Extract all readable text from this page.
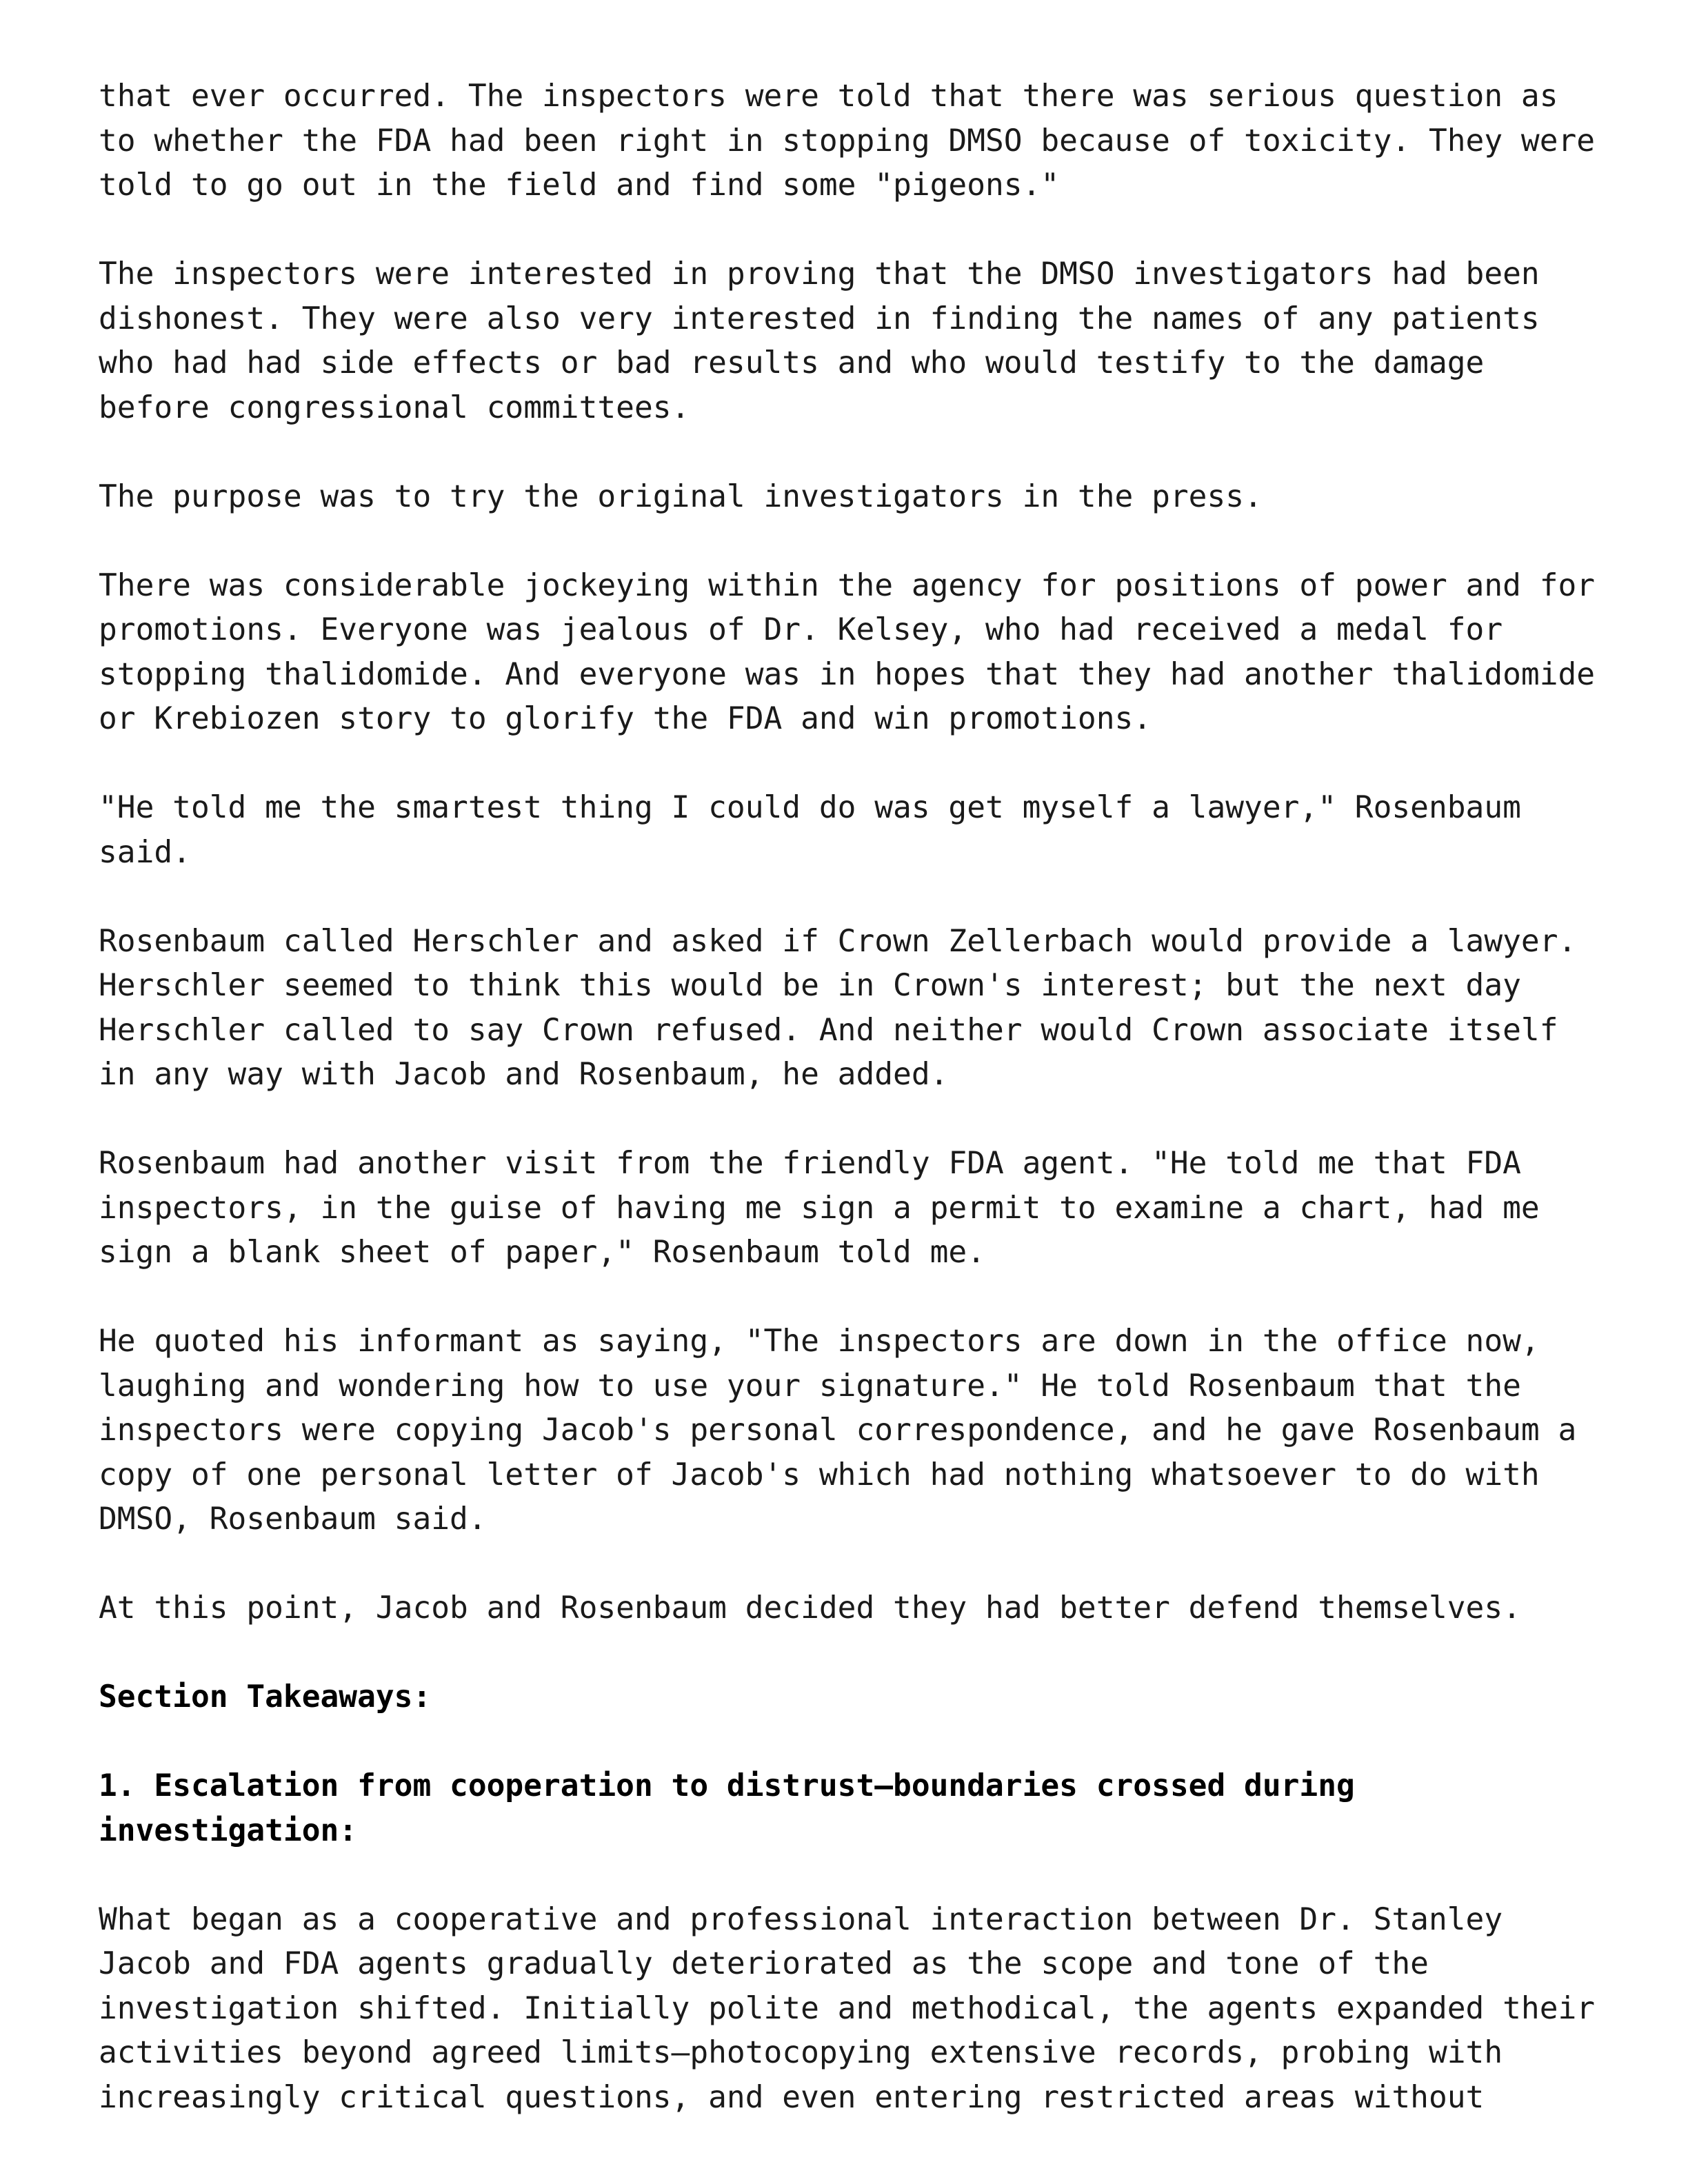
that ever occurred. The inspectors were told that there was serious question as
to whether the FDA had been right in stopping DMSO because of toxicity. They were
told to go out in the field and find some "pigeons."

The inspectors were interested in proving that the DMSO investigators had been
dishonest. They were also very interested in finding the names of any patients
who had had side effects or bad results and who would testify to the damage
before congressional committees.

The purpose was to try the original investigators in the press.

There was considerable jockeying within the agency for positions of power and for
promotions. Everyone was jealous of Dr. Kelsey, who had received a medal for
stopping thalidomide. And everyone was in hopes that they had another thalidomide
or Krebiozen story to glorify the FDA and win promotions.

"He told me the smartest thing I could do was get myself a lawyer," Rosenbaum
said.

Rosenbaum called Herschler and asked if Crown Zellerbach would provide a lawyer.
Herschler seemed to think this would be in Crown's interest; but the next day
Herschler called to say Crown refused. And neither would Crown associate itself
in any way with Jacob and Rosenbaum, he added.

Rosenbaum had another visit from the friendly FDA agent. "He told me that FDA
inspectors, in the guise of having me sign a permit to examine a chart, had me
sign a blank sheet of paper," Rosenbaum told me.

He quoted his informant as saying, "The inspectors are down in the office now,
laughing and wondering how to use your signature." He told Rosenbaum that the
inspectors were copying Jacob's personal correspondence, and he gave Rosenbaum a
copy of one personal letter of Jacob's which had nothing whatsoever to do with
DMSO, Rosenbaum said.

At this point, Jacob and Rosenbaum decided they had better defend themselves.

Section Takeaways:

1. Escalation from cooperation to distrust—boundaries crossed during
investigation:

What began as a cooperative and professional interaction between Dr. Stanley
Jacob and FDA agents gradually deteriorated as the scope and tone of the
investigation shifted. Initially polite and methodical, the agents expanded their
activities beyond agreed limits—photocopying extensive records, probing with
increasingly critical questions, and even entering restricted areas without
